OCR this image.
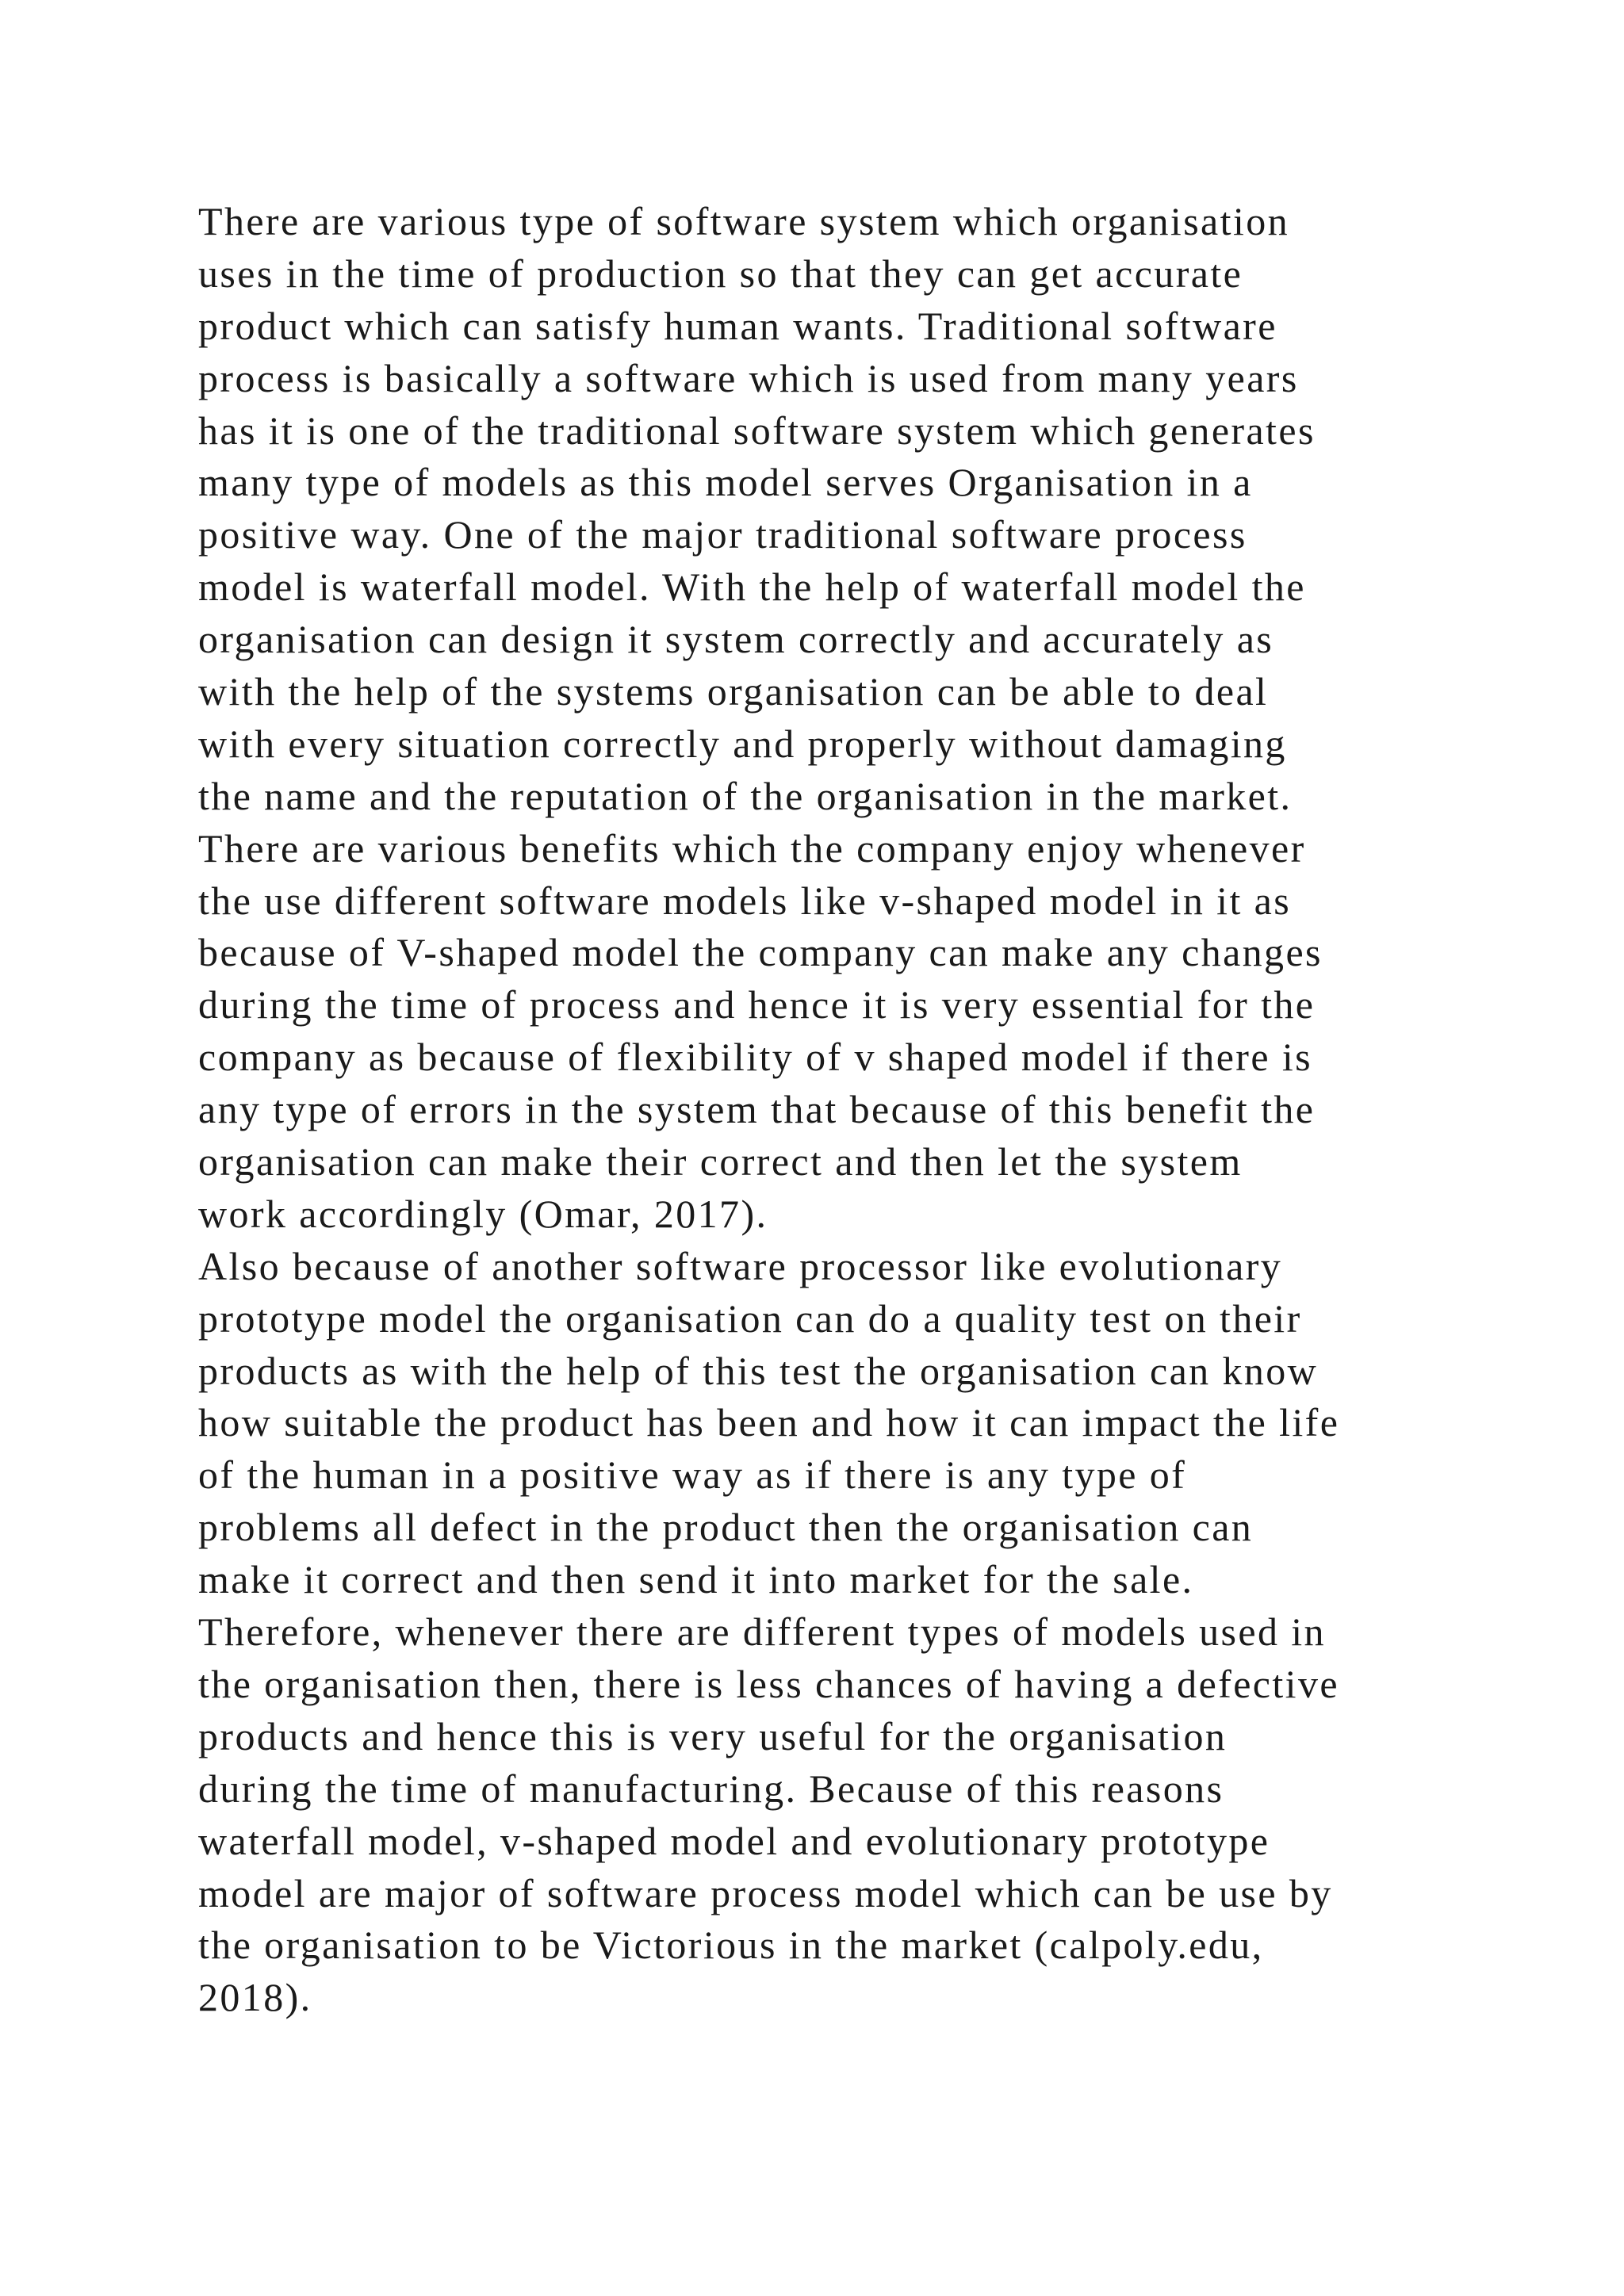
There are various type of software system which organisation
uses in the time of production so that they can get accurate
product which can satisfy human wants. Traditional software
process is basically a software which is used from many years
has it is one of the traditional software system which generates
many type of models as this model serves Organisation in a
positive way. One of the major traditional software process
model is waterfall model. With the help of waterfall model the
organisation can design it system correctly and accurately as
with the help of the systems organisation can be able to deal
with every situation correctly and properly without damaging
the name and the reputation of the organisation in the market.
There are various benefits which the company enjoy whenever
the use different software models like v-shaped model in it as
because of V-shaped model the company can make any changes
during the time of process and hence it is very essential for the
company as because of flexibility of v shaped model if there is
any type of errors in the system that because of this benefit the
organisation can make their correct and then let the system
work accordingly (Omar, 2017).
Also because of another software processor like evolutionary
prototype model the organisation can do a quality test on their
products as with the help of this test the organisation can know
how suitable the product has been and how it can impact the life
of the human in a positive way as if there is any type of
problems all defect in the product then the organisation can
make it correct and then send it into market for the sale.
Therefore, whenever there are different types of models used in
the organisation then, there is less chances of having a defective
products and hence this is very useful for the organisation
during the time of manufacturing. Because of this reasons
waterfall model, v-shaped model and evolutionary prototype
model are major of software process model which can be use by
the organisation to be Victorious in the market (calpoly.edu,
2018).
